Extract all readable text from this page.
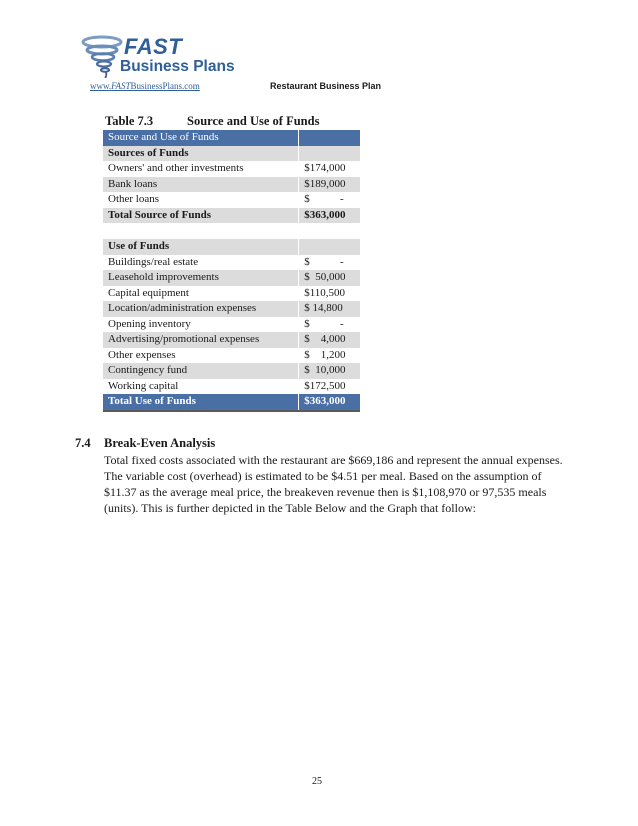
FAST
Business Plans
www.FASTBusinessPlans.com	Restaurant Business Plan
Table 7.3	Source and Use of Funds
Source and Use of Funds	
Sources of Funds	
Owners' and other investments	$174,000
Bank loans	$189,000
Other loans	$           -
Total Source of Funds	$363,000

Use of Funds	
Buildings/real estate	$           -
Leasehold improvements	$  50,000
Capital equipment	$110,500
Location/administration expenses	$ 14,800
Opening inventory	$           -
Advertising/promotional expenses	$    4,000
Other expenses	$    1,200
Contingency fund	$  10,000
Working capital	$172,500
Total Use of Funds	$363,000
7.4 Break-Even Analysis

Total fixed costs associated with the restaurant are $669,186 and represent the annual expenses. The variable cost (overhead) is estimated to be $4.51 per meal. Based on the assumption of $11.37 as the average meal price, the breakeven revenue then is $1,108,970 or 97,535 meals (units). This is further depicted in the Table Below and the Graph that follow:

25
